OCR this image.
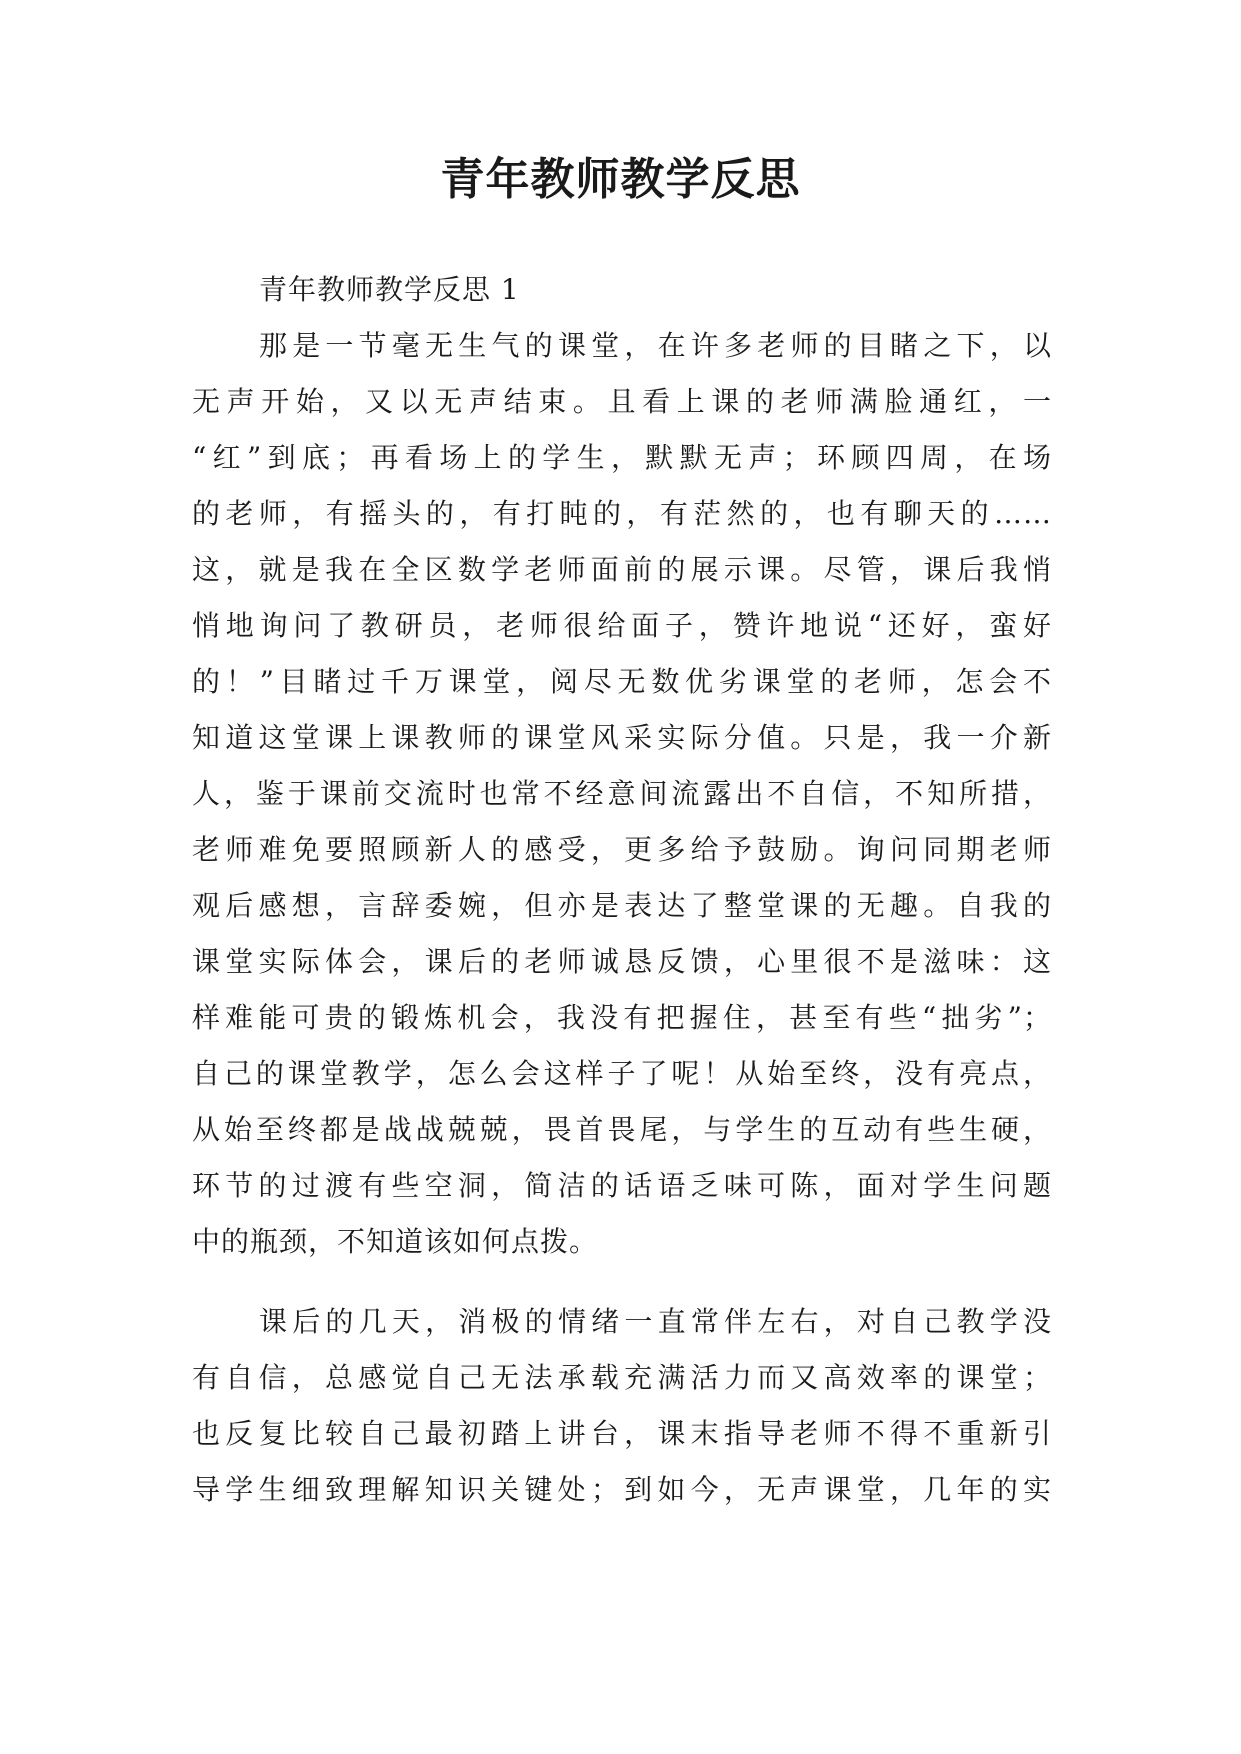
青年教师教学反思
青年教师教学反思 1
那是一节毫无生气的课堂，在许多老师的目睹之下，以
无声开始，又以无声结束。且看上课的老师满脸通红，一
“红”到底；再看场上的学生，默默无声；环顾四周，在场
的老师，有摇头的，有打盹的，有茫然的，也有聊天的……
这，就是我在全区数学老师面前的展示课。尽管，课后我悄
悄地询问了教研员，老师很给面子，赞许地说“还好，蛮好
的！”目睹过千万课堂，阅尽无数优劣课堂的老师，怎会不
知道这堂课上课教师的课堂风采实际分值。只是，我一介新
人，鉴于课前交流时也常不经意间流露出不自信，不知所措，
老师难免要照顾新人的感受，更多给予鼓励。询问同期老师
观后感想，言辞委婉，但亦是表达了整堂课的无趣。自我的
课堂实际体会，课后的老师诚恳反馈，心里很不是滋味：这
样难能可贵的锻炼机会，我没有把握住，甚至有些“拙劣”；
自己的课堂教学，怎么会这样子了呢！从始至终，没有亮点，
从始至终都是战战兢兢，畏首畏尾，与学生的互动有些生硬，
环节的过渡有些空洞，简洁的话语乏味可陈，面对学生问题
中的瓶颈，不知道该如何点拨。
课后的几天，消极的情绪一直常伴左右，对自己教学没
有自信，总感觉自己无法承载充满活力而又高效率的课堂；
也反复比较自己最初踏上讲台，课末指导老师不得不重新引
导学生细致理解知识关键处；到如今，无声课堂，几年的实
